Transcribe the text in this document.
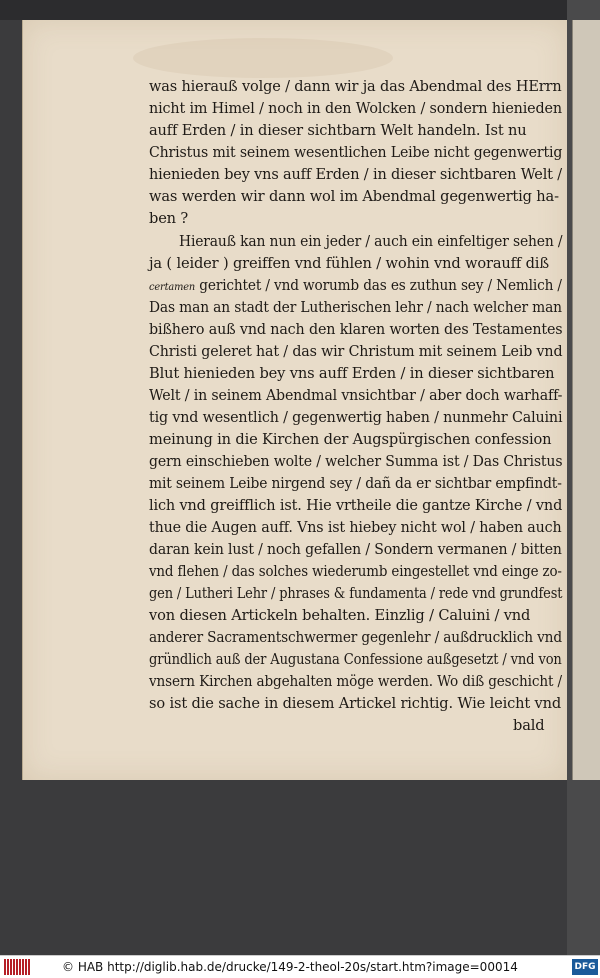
was hierauß volge / dann wir ja das Abendmal des HErrn
nicht im Himel / noch in den Wolcken / sondern hienieden
auff Erden / in dieser sichtbarn Welt handeln. Ist nu
Christus mit seinem wesentlichen Leibe nicht gegenwertig
hienieden bey vns auff Erden / in dieser sichtbaren Welt /
was werden wir dann wol im Abendmal gegenwertig ha-
ben ?
Hierauß kan nun ein jeder / auch ein einfeltiger sehen /
ja ( leider ) greiffen vnd fühlen / wohin vnd worauff diß
certamen gerichtet / vnd worumb das es zuthun sey / Nemlich /
Das man an stadt der Lutherischen lehr / nach welcher man
bißhero auß vnd nach den klaren worten des Testamentes
Christi geleret hat / das wir Christum mit seinem Leib vnd
Blut hienieden bey vns auff Erden / in dieser sichtbaren
Welt / in seinem Abendmal vnsichtbar / aber doch warhaff-
tig vnd wesentlich / gegenwertig haben / nunmehr Caluini
meinung in die Kirchen der Augspürgischen confession
gern einschieben wolte / welcher Summa ist / Das Christus
mit seinem Leibe nirgend sey / dañ da er sichtbar empfindt-
lich vnd greifflich ist. Hie vrtheile die gantze Kirche / vnd
thue die Augen auff. Vns ist hiebey nicht wol / haben auch
daran kein lust / noch gefallen / Sondern vermanen / bitten
vnd flehen / das solches wiederumb eingestellet vnd einge zo-
gen / Lutheri Lehr / phrases & fundamenta / rede vnd grundfest
von diesen Artickeln behalten. Einzlig / Caluini / vnd
anderer Sacramentschwermer gegenlehr / außdrucklich vnd
gründlich auß der Augustana Confessione außgesetzt / vnd von
vnsern Kirchen abgehalten möge werden. Wo diß geschicht /
so ist die sache in diesem Artickel richtig. Wie leicht vnd
bald
© HAB http://diglib.hab.de/drucke/149-2-theol-20s/start.htm?image=00014	DFG
